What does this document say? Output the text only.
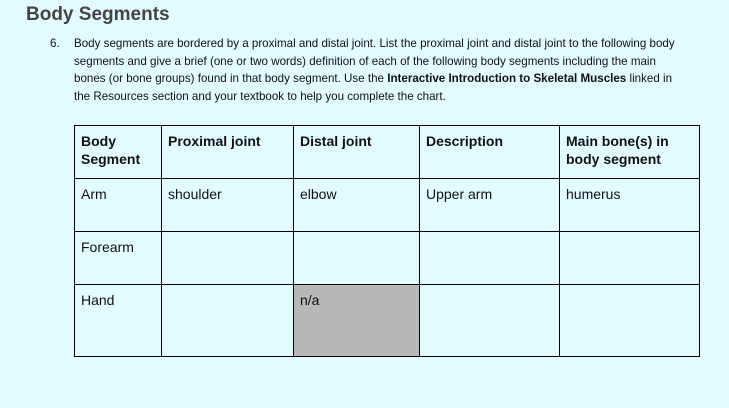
Body Segments
6. Body segments are bordered by a proximal and distal joint. List the proximal joint and distal joint to the following body segments and give a brief (one or two words) definition of each of the following body segments including the main bones (or bone groups) found in that body segment. Use the Interactive Introduction to Skeletal Muscles linked in the Resources section and your textbook to help you complete the chart.
Body Segment	Proximal joint	Distal joint	Description	Main bone(s) in body segment
Arm	shoulder	elbow	Upper arm	humerus
Forearm				
Hand		n/a		
